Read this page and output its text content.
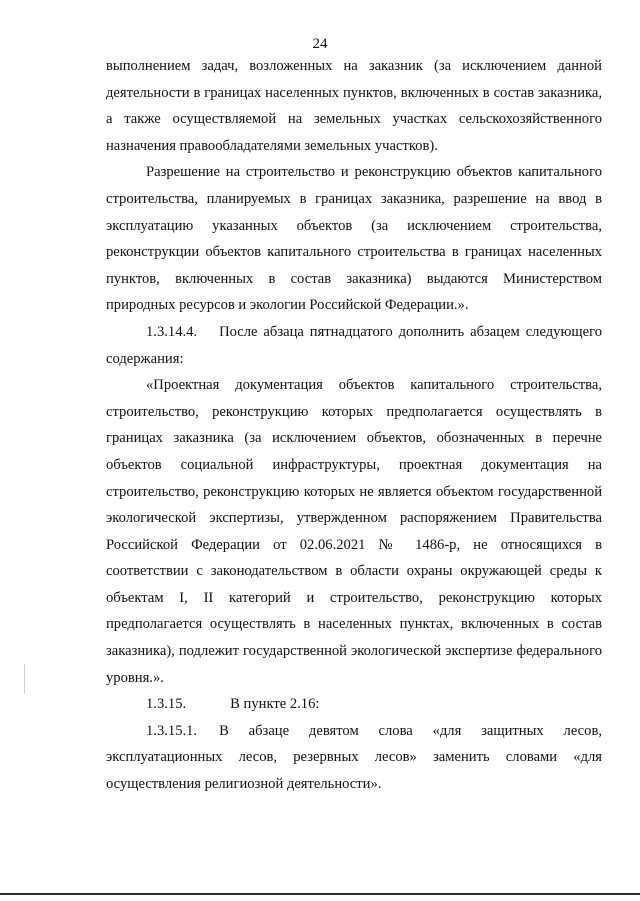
24

выполнением задач, возложенных на заказник (за исключением данной деятельности в границах населенных пунктов, включенных в состав заказника, а также осуществляемой на земельных участках сельскохозяйственного назначения правообладателями земельных участков).

Разрешение на строительство и реконструкцию объектов капитального строительства, планируемых в границах заказника, разрешение на ввод в эксплуатацию указанных объектов (за исключением строительства, реконструкции объектов капитального строительства в границах населенных пунктов, включенных в состав заказника) выдаются Министерством природных ресурсов и экологии Российской Федерации.».

1.3.14.4. После абзаца пятнадцатого дополнить абзацем следующего содержания:

«Проектная документация объектов капитального строительства, строительство, реконструкцию которых предполагается осуществлять в границах заказника (за исключением объектов, обозначенных в перечне объектов социальной инфраструктуры, проектная документация на строительство, реконструкцию которых не является объектом государственной экологической экспертизы, утвержденном распоряжением Правительства Российской Федерации от 02.06.2021 № 1486-р, не относящихся в соответствии с законодательством в области охраны окружающей среды к объектам I, II категорий и строительство, реконструкцию которых предполагается осуществлять в населенных пунктах, включенных в состав заказника), подлежит государственной экологической экспертизе федерального уровня.».

1.3.15.	В пункте 2.16:

1.3.15.1. В абзаце девятом слова «для защитных лесов, эксплуатационных лесов, резервных лесов» заменить словами «для осуществления религиозной деятельности».
